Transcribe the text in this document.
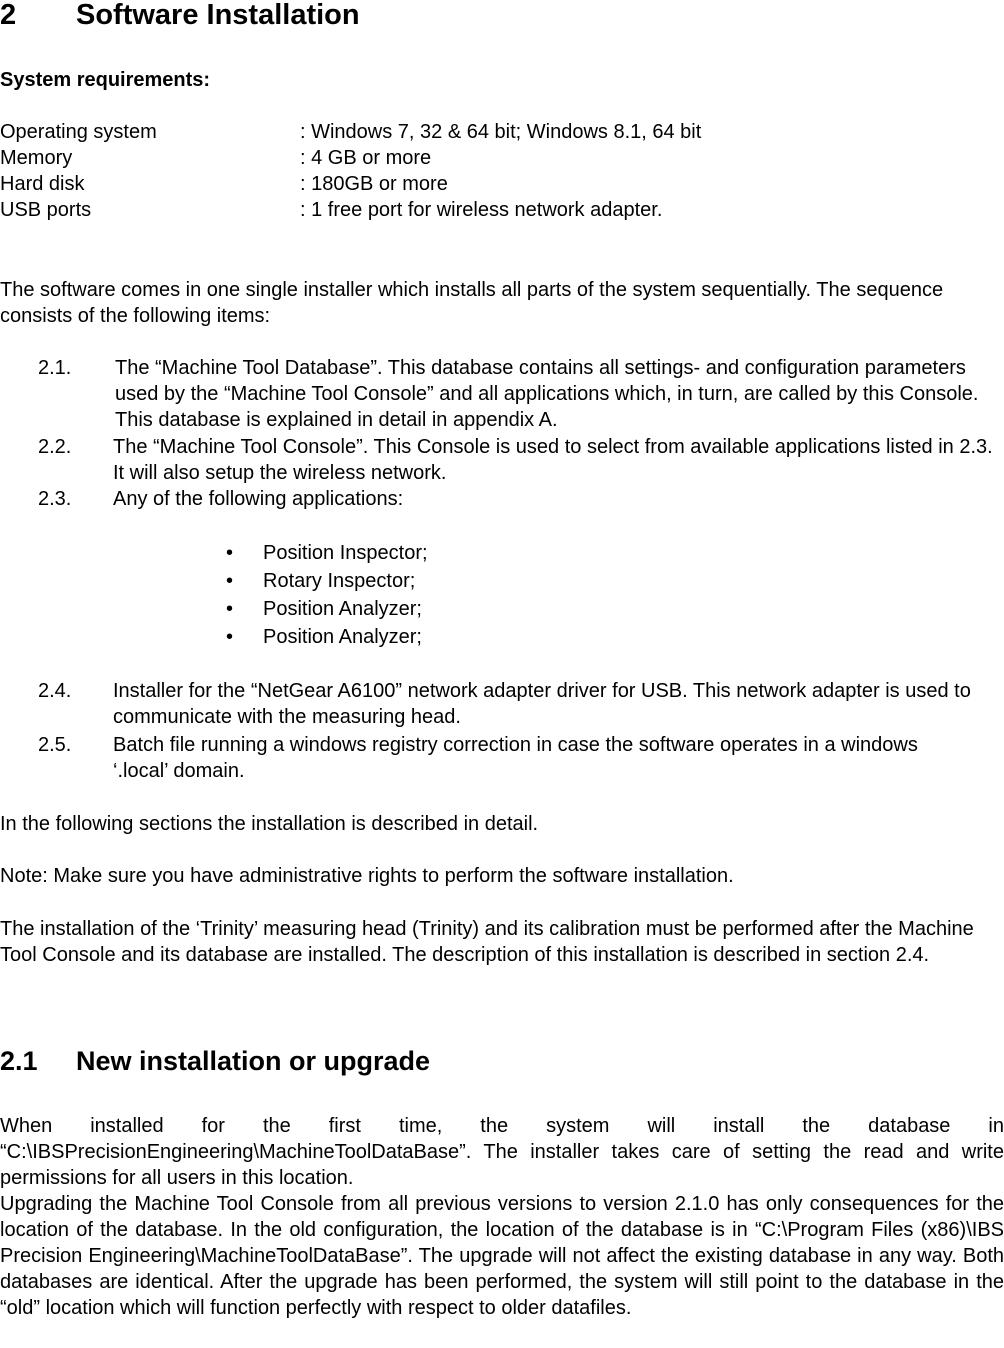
2 Software Installation
System requirements:
Operating system	: Windows 7, 32 & 64 bit; Windows 8.1, 64 bit
Memory	: 4 GB or more
Hard disk	: 180GB or more
USB ports	: 1 free port for wireless network adapter.
The software comes in one single installer which installs all parts of the system sequentially. The sequence consists of the following items:
2.1. The “Machine Tool Database”. This database contains all settings- and configuration parameters used by the “Machine Tool Console” and all applications which, in turn, are called by this Console. This database is explained in detail in appendix A.
2.2. The “Machine Tool Console”. This Console is used to select from available applications listed in 2.3. It will also setup the wireless network.
2.3. Any of the following applications:
• Position Inspector;
• Rotary Inspector;
• Position Analyzer;
• Position Analyzer;
2.4. Installer for the “NetGear A6100” network adapter driver for USB. This network adapter is used to communicate with the measuring head.
2.5. Batch file running a windows registry correction in case the software operates in a windows ‘.local’ domain.
In the following sections the installation is described in detail.
Note: Make sure you have administrative rights to perform the software installation.
The installation of the ‘Trinity’ measuring head (Trinity) and its calibration must be performed after the Machine Tool Console and its database are installed. The description of this installation is described in section 2.4.
2.1 New installation or upgrade
When installed for the first time, the system will install the database in “C:\IBSPrecisionEngineering\MachineToolDataBase”. The installer takes care of setting the read and write permissions for all users in this location.
Upgrading the Machine Tool Console from all previous versions to version 2.1.0 has only consequences for the location of the database. In the old configuration, the location of the database is in “C:\Program Files (x86)\IBS Precision Engineering\MachineToolDataBase”. The upgrade will not affect the existing database in any way. Both databases are identical. After the upgrade has been performed, the system will still point to the database in the “old” location which will function perfectly with respect to older datafiles.
